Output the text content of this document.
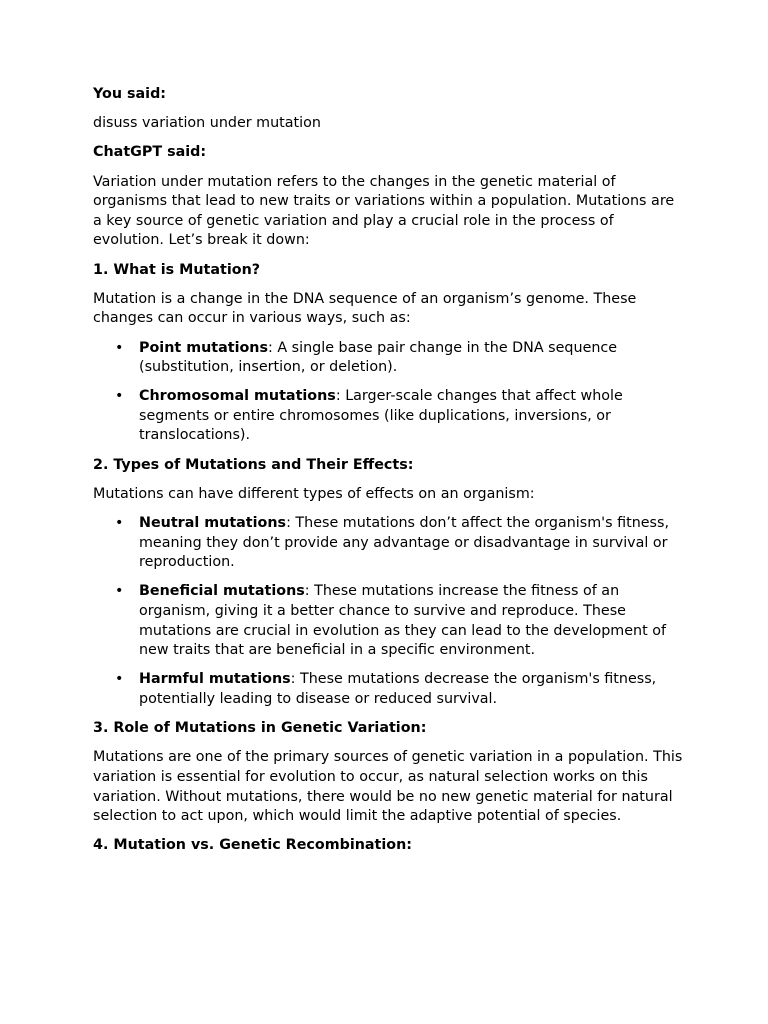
You said:

disuss variation under mutation

ChatGPT said:

Variation under mutation refers to the changes in the genetic material of organisms that lead to new traits or variations within a population. Mutations are a key source of genetic variation and play a crucial role in the process of evolution. Let’s break it down:

1. What is Mutation?

Mutation is a change in the DNA sequence of an organism’s genome. These changes can occur in various ways, such as:

• Point mutations: A single base pair change in the DNA sequence (substitution, insertion, or deletion).
• Chromosomal mutations: Larger-scale changes that affect whole segments or entire chromosomes (like duplications, inversions, or translocations).

2. Types of Mutations and Their Effects:

Mutations can have different types of effects on an organism:

• Neutral mutations: These mutations don’t affect the organism's fitness, meaning they don’t provide any advantage or disadvantage in survival or reproduction.
• Beneficial mutations: These mutations increase the fitness of an organism, giving it a better chance to survive and reproduce. These mutations are crucial in evolution as they can lead to the development of new traits that are beneficial in a specific environment.
• Harmful mutations: These mutations decrease the organism's fitness, potentially leading to disease or reduced survival.

3. Role of Mutations in Genetic Variation:

Mutations are one of the primary sources of genetic variation in a population. This variation is essential for evolution to occur, as natural selection works on this variation. Without mutations, there would be no new genetic material for natural selection to act upon, which would limit the adaptive potential of species.

4. Mutation vs. Genetic Recombination:
